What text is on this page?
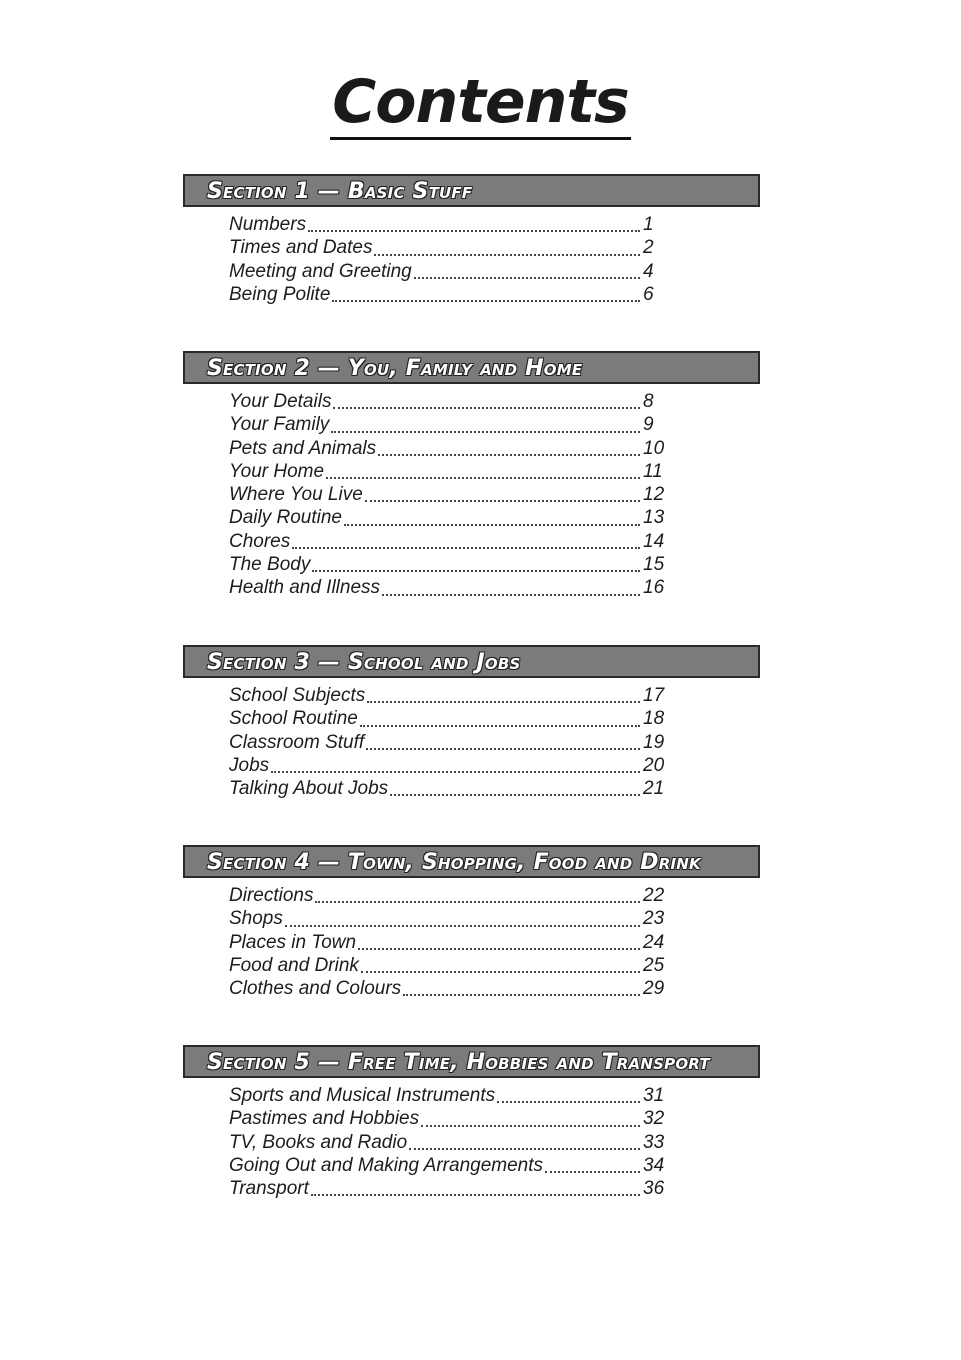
Contents
Section 1 — Basic Stuff
Numbers	1
Times and Dates	2
Meeting and Greeting	4
Being Polite	6
Section 2 — You, Family and Home
Your Details	8
Your Family	9
Pets and Animals	10
Your Home	11
Where You Live	12
Daily Routine	13
Chores	14
The Body	15
Health and Illness	16
Section 3 — School and Jobs
School Subjects	17
School Routine	18
Classroom Stuff	19
Jobs	20
Talking About Jobs	21
Section 4 — Town, Shopping, Food and Drink
Directions	22
Shops	23
Places in Town	24
Food and Drink	25
Clothes and Colours	29
Section 5 — Free Time, Hobbies and Transport
Sports and Musical Instruments	31
Pastimes and Hobbies	32
TV, Books and Radio	33
Going Out and Making Arrangements	34
Transport	36
